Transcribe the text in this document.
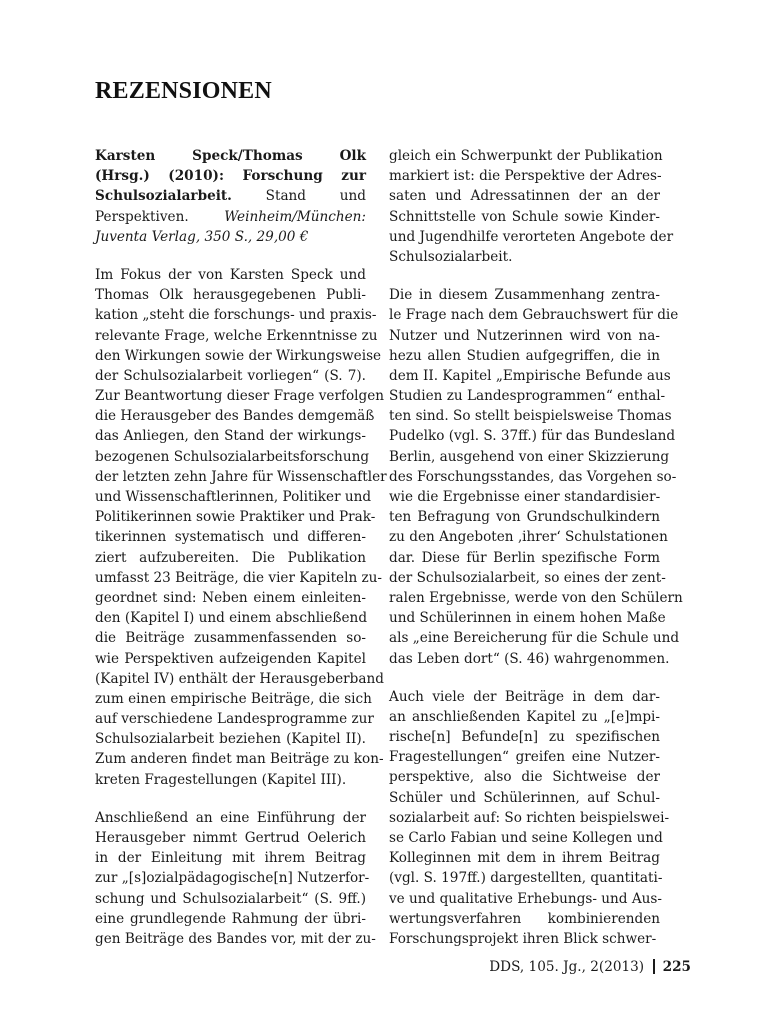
REZENSIONEN
Karsten Speck/Thomas Olk
(Hrsg.) (2010): Forschung zur
Schulsozialarbeit. Stand und
Perspektiven. Weinheim/München:
Juventa Verlag, 350 S., 29,00 €
Im Fokus der von Karsten Speck und
Thomas Olk herausgegebenen Publi-
kation „steht die forschungs- und praxis-
relevante Frage, welche Erkenntnisse zu
den Wirkungen sowie der Wirkungsweise
der Schulsozialarbeit vorliegen“ (S. 7).
Zur Beantwortung dieser Frage verfolgen
die Herausgeber des Bandes demgemäß
das Anliegen, den Stand der wirkungs-
bezogenen Schulsozialarbeitsforschung
der letzten zehn Jahre für Wissenschaftler
und Wissenschaftlerinnen, Politiker und
Politikerinnen sowie Praktiker und Prak-
tikerinnen systematisch und differen-
ziert aufzubereiten. Die Publikation
umfasst 23 Beiträge, die vier Kapiteln zu-
geordnet sind: Neben einem einleiten-
den (Kapitel I) und einem abschließend
die Beiträge zusammenfassenden so-
wie Perspektiven aufzeigenden Kapitel
(Kapitel IV) enthält der Herausgeberband
zum einen empirische Beiträge, die sich
auf verschiedene Landesprogramme zur
Schulsozialarbeit beziehen (Kapitel II).
Zum anderen findet man Beiträge zu kon-
kreten Fragestellungen (Kapitel III).
Anschließend an eine Einführung der
Herausgeber nimmt Gertrud Oelerich
in der Einleitung mit ihrem Beitrag
zur „[s]ozialpädagogische[n] Nutzerfor-
schung und Schulsozialarbeit“ (S. 9ff.)
eine grundlegende Rahmung der übri-
gen Beiträge des Bandes vor, mit der zu-
gleich ein Schwerpunkt der Publikation
markiert ist: die Perspektive der Adres-
saten und Adressatinnen der an der
Schnittstelle von Schule sowie Kinder-
und Jugendhilfe verorteten Angebote der
Schulsozialarbeit.
Die in diesem Zusammenhang zentra-
le Frage nach dem Gebrauchswert für die
Nutzer und Nutzerinnen wird von na-
hezu allen Studien aufgegriffen, die in
dem II. Kapitel „Empirische Befunde aus
Studien zu Landesprogrammen“ enthal-
ten sind. So stellt beispielsweise Thomas
Pudelko (vgl. S. 37ff.) für das Bundesland
Berlin, ausgehend von einer Skizzierung
des Forschungsstandes, das Vorgehen so-
wie die Ergebnisse einer standardisier-
ten Befragung von Grundschulkindern
zu den Angeboten ‚ihrer‘ Schulstationen
dar. Diese für Berlin spezifische Form
der Schulsozialarbeit, so eines der zent-
ralen Ergebnisse, werde von den Schülern
und Schülerinnen in einem hohen Maße
als „eine Bereicherung für die Schule und
das Leben dort“ (S. 46) wahrgenommen.
Auch viele der Beiträge in dem dar-
an anschließenden Kapitel zu „[e]mpi-
rische[n] Befunde[n] zu spezifischen
Fragestellungen“ greifen eine Nutzer-
perspektive, also die Sichtweise der
Schüler und Schülerinnen, auf Schul-
sozialarbeit auf: So richten beispielswei-
se Carlo Fabian und seine Kollegen und
Kolleginnen mit dem in ihrem Beitrag
(vgl. S. 197ff.) dargestellten, quantitati-
ve und qualitative Erhebungs- und Aus-
wertungsverfahren kombinierenden
Forschungsprojekt ihren Blick schwer-
DDS, 105. Jg., 2(2013) 225
